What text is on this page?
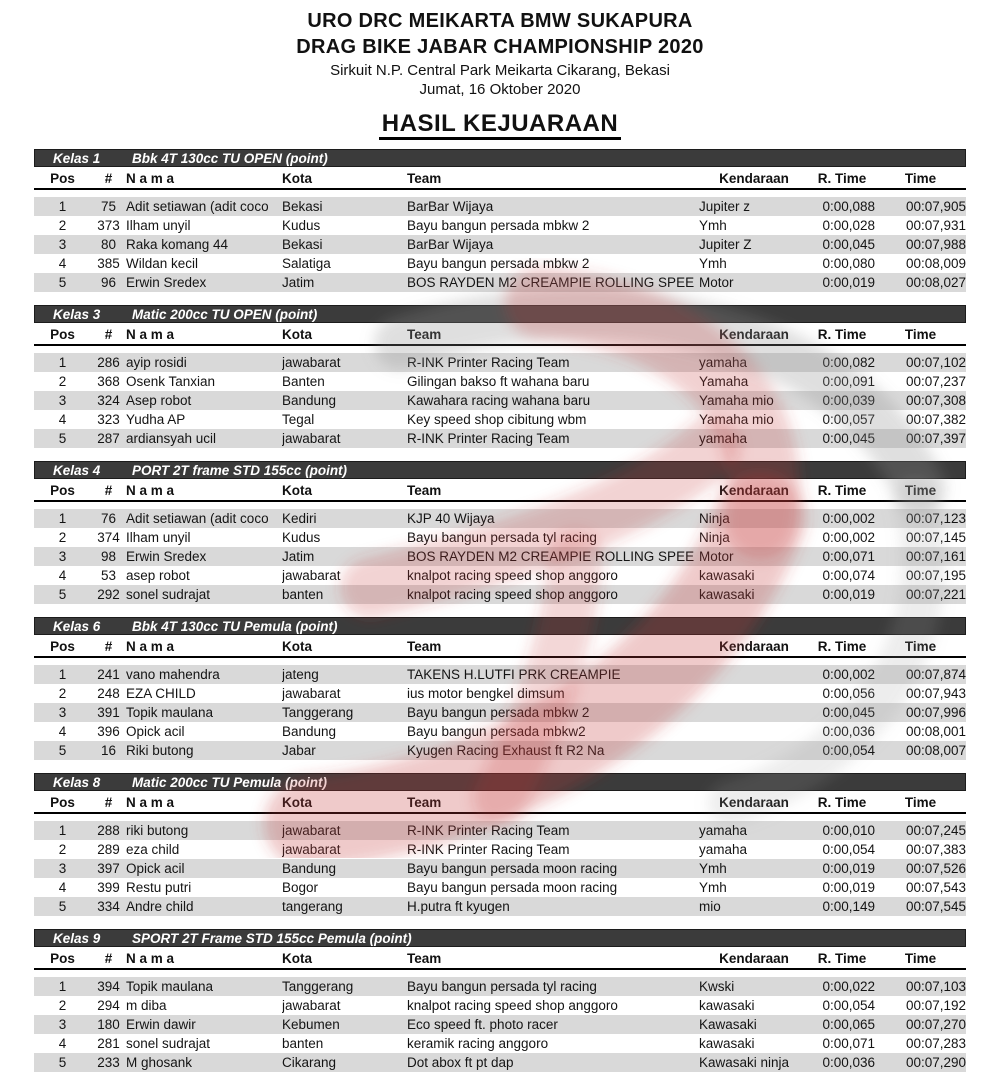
URO DRC MEIKARTA BMW SUKAPURA
DRAG BIKE JABAR CHAMPIONSHIP 2020
Sirkuit N.P. Central Park Meikarta Cikarang, Bekasi
Jumat, 16 Oktober 2020
HASIL KEJUARAAN
Kelas 1	Bbk 4T 130cc TU OPEN (point)
Pos	#	N a m a	Kota	Team	Kendaraan	R. Time	Time

1	75	Adit setiawan (adit coco	Bekasi	BarBar Wijaya	Jupiter z	0:00,088	00:07,905
2	373	Ilham unyil	Kudus	Bayu bangun persada mbkw 2	Ymh	0:00,028	00:07,931
3	80	Raka komang 44	Bekasi	BarBar Wijaya	Jupiter Z	0:00,045	00:07,988
4	385	Wildan kecil	Salatiga	Bayu bangun persada mbkw 2	Ymh	0:00,080	00:08,009
5	96	Erwin Sredex	Jatim	BOS RAYDEN M2 CREAMPIE ROLLING SPEE	Motor	0:00,019	00:08,027
Kelas 3	Matic 200cc TU OPEN (point)
Pos	#	N a m a	Kota	Team	Kendaraan	R. Time	Time

1	286	ayip rosidi	jawabarat	R-INK Printer Racing Team	yamaha	0:00,082	00:07,102
2	368	Osenk Tanxian	Banten	Gilingan bakso ft wahana baru	Yamaha	0:00,091	00:07,237
3	324	Asep robot	Bandung	Kawahara racing wahana baru	Yamaha mio	0:00,039	00:07,308
4	323	Yudha AP	Tegal	Key speed shop cibitung wbm	Yamaha mio	0:00,057	00:07,382
5	287	ardiansyah ucil	jawabarat	R-INK Printer Racing Team	yamaha	0:00,045	00:07,397
Kelas 4	PORT 2T frame STD 155cc (point)
Pos	#	N a m a	Kota	Team	Kendaraan	R. Time	Time

1	76	Adit setiawan (adit coco	Kediri	KJP 40 Wijaya	Ninja	0:00,002	00:07,123
2	374	Ilham unyil	Kudus	Bayu bangun persada tyl racing	Ninja	0:00,002	00:07,145
3	98	Erwin Sredex	Jatim	BOS RAYDEN M2 CREAMPIE ROLLING SPEE	Motor	0:00,071	00:07,161
4	53	asep robot	jawabarat	knalpot racing speed shop anggoro	kawasaki	0:00,074	00:07,195
5	292	sonel sudrajat	banten	knalpot racing speed shop anggoro	kawasaki	0:00,019	00:07,221
Kelas 6	Bbk 4T 130cc TU Pemula (point)
Pos	#	N a m a	Kota	Team	Kendaraan	R. Time	Time

1	241	vano mahendra	jateng	TAKENS H.LUTFI PRK CREAMPIE		0:00,002	00:07,874
2	248	EZA CHILD	jawabarat	ius motor bengkel dimsum		0:00,056	00:07,943
3	391	Topik maulana	Tanggerang	Bayu bangun persada mbkw 2		0:00,045	00:07,996
4	396	Opick acil	Bandung	Bayu bangun persada mbkw2		0:00,036	00:08,001
5	16	Riki butong	Jabar	Kyugen Racing Exhaust ft R2 Na		0:00,054	00:08,007
Kelas 8	Matic 200cc TU Pemula (point)
Pos	#	N a m a	Kota	Team	Kendaraan	R. Time	Time

1	288	riki butong	jawabarat	R-INK Printer Racing Team	yamaha	0:00,010	00:07,245
2	289	eza child	jawabarat	R-INK Printer Racing Team	yamaha	0:00,054	00:07,383
3	397	Opick acil	Bandung	Bayu bangun persada moon racing	Ymh	0:00,019	00:07,526
4	399	Restu putri	Bogor	Bayu bangun persada moon racing	Ymh	0:00,019	00:07,543
5	334	Andre child	tangerang	H.putra ft kyugen	mio	0:00,149	00:07,545
Kelas 9	SPORT 2T Frame STD 155cc Pemula (point)
Pos	#	N a m a	Kota	Team	Kendaraan	R. Time	Time

1	394	Topik maulana	Tanggerang	Bayu bangun persada tyl racing	Kwski	0:00,022	00:07,103
2	294	m diba	jawabarat	knalpot racing speed shop anggoro	kawasaki	0:00,054	00:07,192
3	180	Erwin dawir	Kebumen	Eco speed ft. photo racer	Kawasaki	0:00,065	00:07,270
4	281	sonel sudrajat	banten	keramik racing anggoro	kawasaki	0:00,071	00:07,283
5	233	M ghosank	Cikarang	Dot abox ft pt dap	Kawasaki ninja	0:00,036	00:07,290
